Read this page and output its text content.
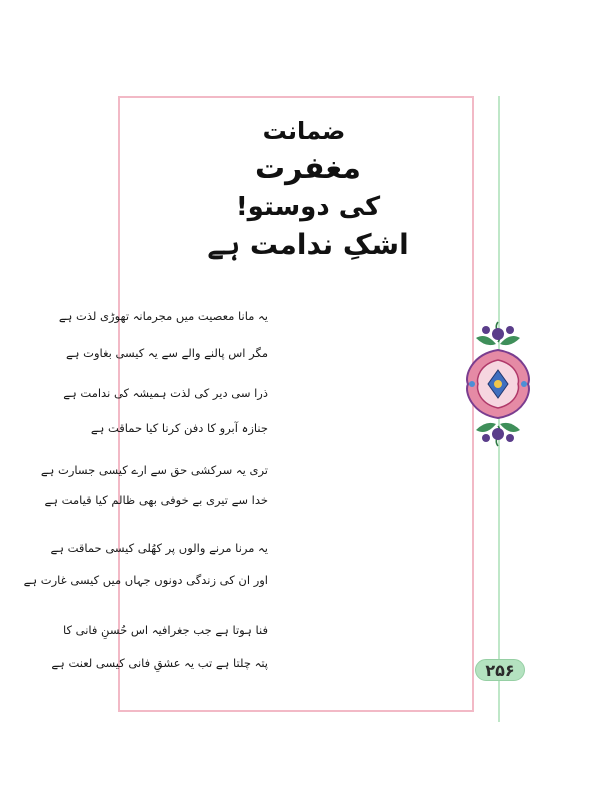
۲۵۶
ضمانت
مغفرت
کی دوستو!
اشکِ ندامت ہے
یہ مانا معصیت میں مجرمانہ تھوڑی لذت ہے
مگر اس پالنے والے سے یہ کیسی بغاوت ہے
ذرا سی دیر کی لذت ہمیشہ کی ندامت ہے
جنازہ آبرو کا دفن کرنا کیا حماقت ہے
تری یہ سرکشی حق سے ارے کیسی جسارت ہے
خدا سے تیری بے خوفی بھی ظالم کیا قیامت ہے
یہ مرنا مرنے والوں پر کھُلی کیسی حماقت ہے
اور ان کی زندگی دونوں جہاں میں کیسی غارت ہے
فنا ہوتا ہے جب جغرافیہ اس حُسنِ فانی کا
پتہ چلتا ہے تب یہ عشقِ فانی کیسی لعنت ہے
